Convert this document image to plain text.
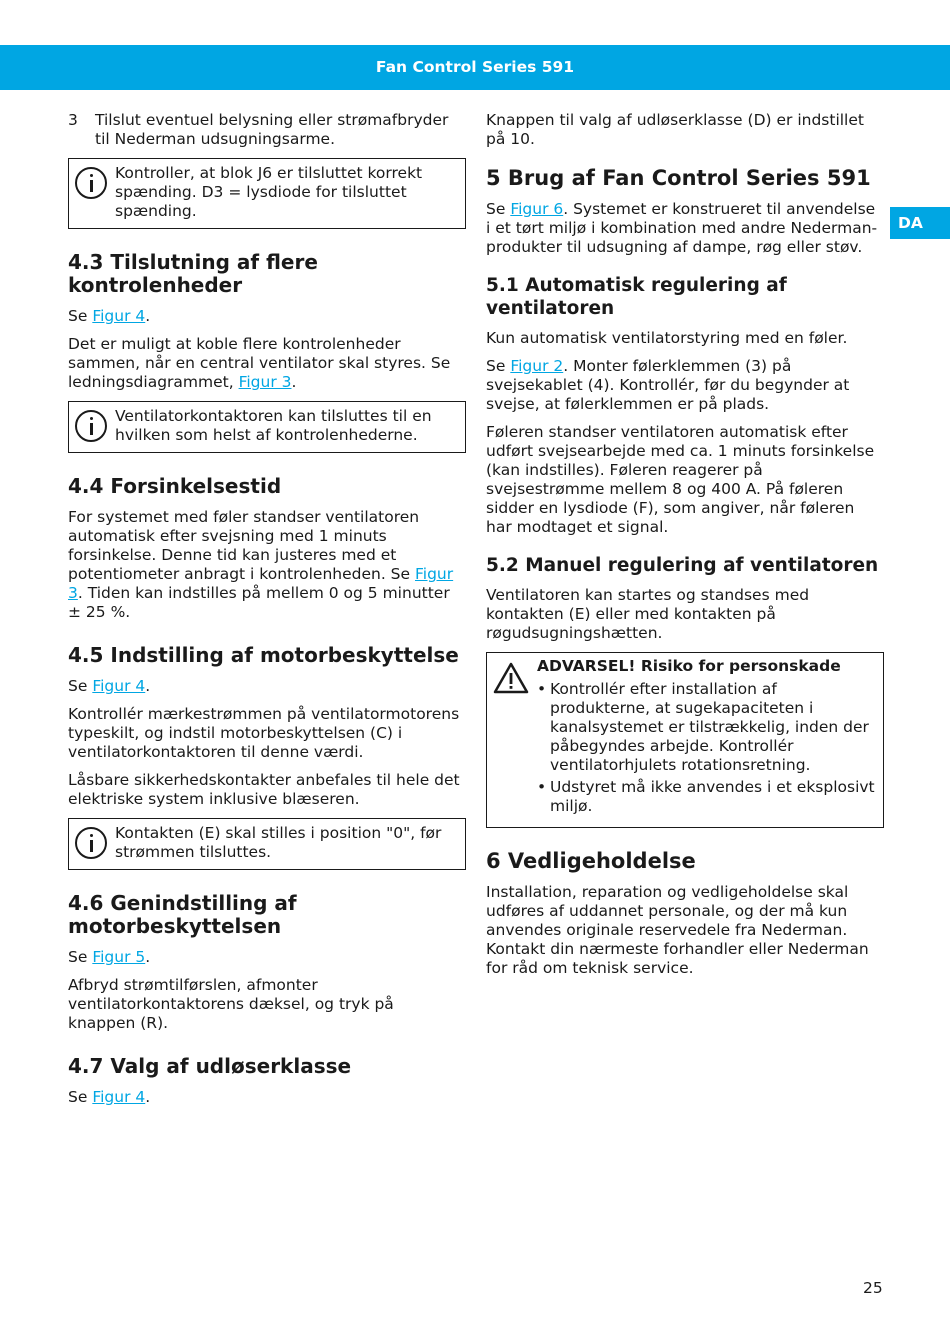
Fan Control Series 591
DA
3	Tilslut eventuel belysning eller strømafbryder til Nederman udsugningsarme.
Kontroller, at blok J6 er tilsluttet korrekt spænding. D3 = lysdiode for tilsluttet spænding.
4.3 Tilslutning af flere kontrolenheder

Se Figur 4.

Det er muligt at koble flere kontrolenheder sammen, når en central ventilator skal styres. Se ledningsdiagrammet, Figur 3.

Ventilatorkontaktoren kan tilsluttes til en hvilken som helst af kontrolenhederne.
4.4 Forsinkelsestid

For systemet med føler standser ventilatoren automatisk efter svejsning med 1 minuts forsinkelse. Denne tid kan justeres med et potentiometer anbragt i kontrolenheden. Se Figur 3. Tiden kan indstilles på mellem 0 og 5 minutter ± 25 %.

4.5 Indstilling af motorbeskyttelse

Se Figur 4.

Kontrollér mærkestrømmen på ventilatormotorens typeskilt, og indstil motorbeskyttelsen (C) i ventilatorkontaktoren til denne værdi.

Låsbare sikkerhedskontakter anbefales til hele det elektriske system inklusive blæseren.

Kontakten (E) skal stilles i position "0", før strømmen tilsluttes.
4.6 Genindstilling af motorbeskyttelsen

Se Figur 5.

Afbryd strømtilførslen, afmonter ventilatorkontaktorens dæksel, og tryk på knappen (R).

4.7 Valg af udløserklasse

Se Figur 4.

Knappen til valg af udløserklasse (D) er indstillet på 10.

5 Brug af Fan Control Series 591

Se Figur 6. Systemet er konstrueret til anvendelse i et tørt miljø i kombination med andre Nederman-produkter til udsugning af dampe, røg eller støv.

5.1 Automatisk regulering af ventilatoren

Kun automatisk ventilatorstyring med en føler.

Se Figur 2. Monter følerklemmen (3) på svejsekablet (4). Kontrollér, før du begynder at svejse, at følerklemmen er på plads.

Føleren standser ventilatoren automatisk efter udført svejsearbejde med ca. 1 minuts forsinkelse (kan indstilles). Føleren reagerer på svejsestrømme mellem 8 og 400 A. På føleren sidder en lysdiode (F), som angiver, når føleren har modtaget et signal.

5.2 Manuel regulering af ventilatoren

Ventilatoren kan startes og standses med kontakten (E) eller med kontakten på røgudsugningshætten.

ADVARSEL! Risiko for personskade
• Kontrollér efter installation af produkterne, at sugekapaciteten i kanalsystemet er tilstrækkelig, inden der påbegyndes arbejde. Kontrollér ventilatorhjulets rotationsretning.
• Udstyret må ikke anvendes i et eksplosivt miljø.
6 Vedligeholdelse

Installation, reparation og vedligeholdelse skal udføres af uddannet personale, og der må kun anvendes originale reservedele fra Nederman. Kontakt din nærmeste forhandler eller Nederman for råd om teknisk service.

25
